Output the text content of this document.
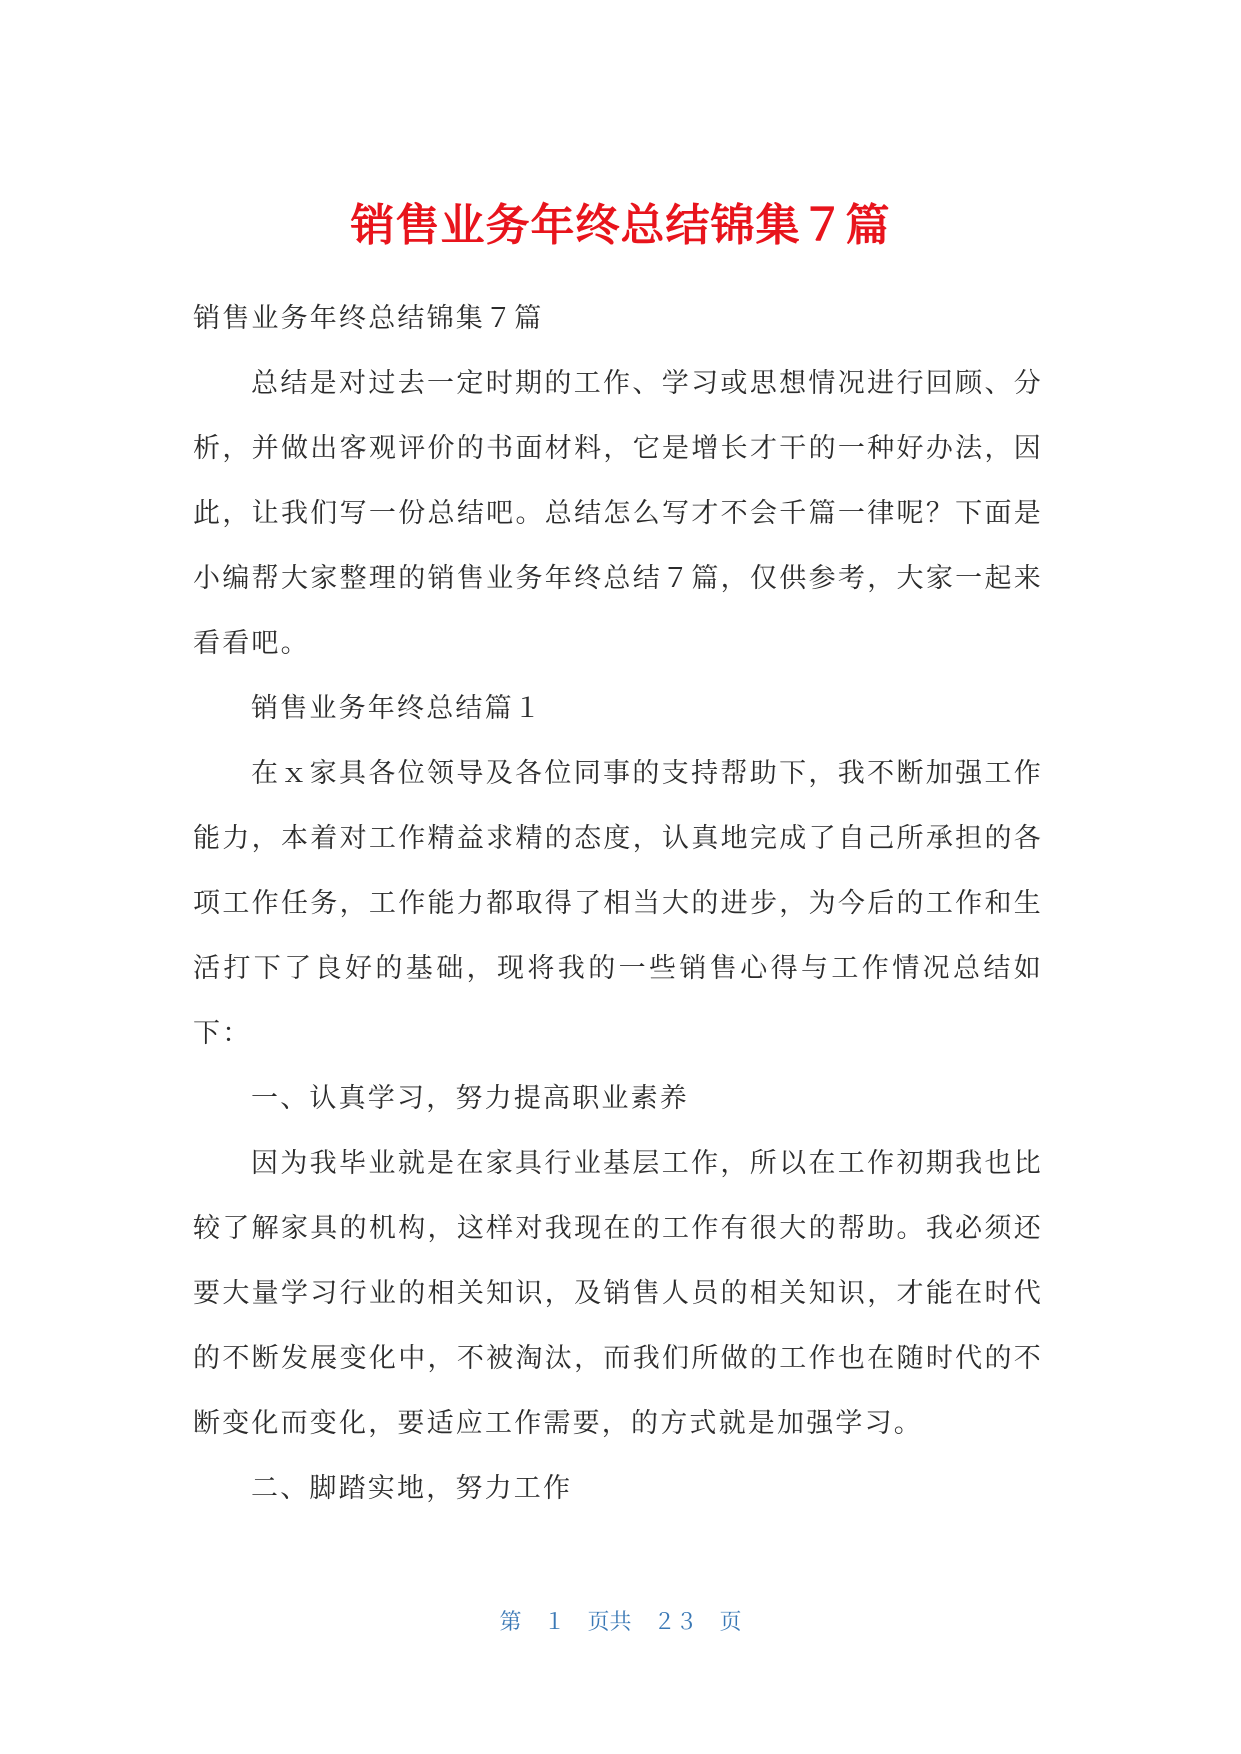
销售业务年终总结锦集７篇

销售业务年终总结锦集７篇

总结是对过去一定时期的工作、学习或思想情况进行回顾、分析，并做出客观评价的书面材料，它是增长才干的一种好办法，因此，让我们写一份总结吧。总结怎么写才不会千篇一律呢？下面是小编帮大家整理的销售业务年终总结７篇，仅供参考，大家一起来看看吧。

销售业务年终总结篇１

在ｘ家具各位领导及各位同事的支持帮助下，我不断加强工作能力，本着对工作精益求精的态度，认真地完成了自己所承担的各项工作任务，工作能力都取得了相当大的进步，为今后的工作和生活打下了良好的基础，现将我的一些销售心得与工作情况总结如下：

一、认真学习，努力提高职业素养

因为我毕业就是在家具行业基层工作，所以在工作初期我也比较了解家具的机构，这样对我现在的工作有很大的帮助。我必须还要大量学习行业的相关知识，及销售人员的相关知识，才能在时代的不断发展变化中，不被淘汰，而我们所做的工作也在随时代的不断变化而变化，要适应工作需要，的方式就是加强学习。

二、脚踏实地，努力工作

第　１　页共　２３　页
